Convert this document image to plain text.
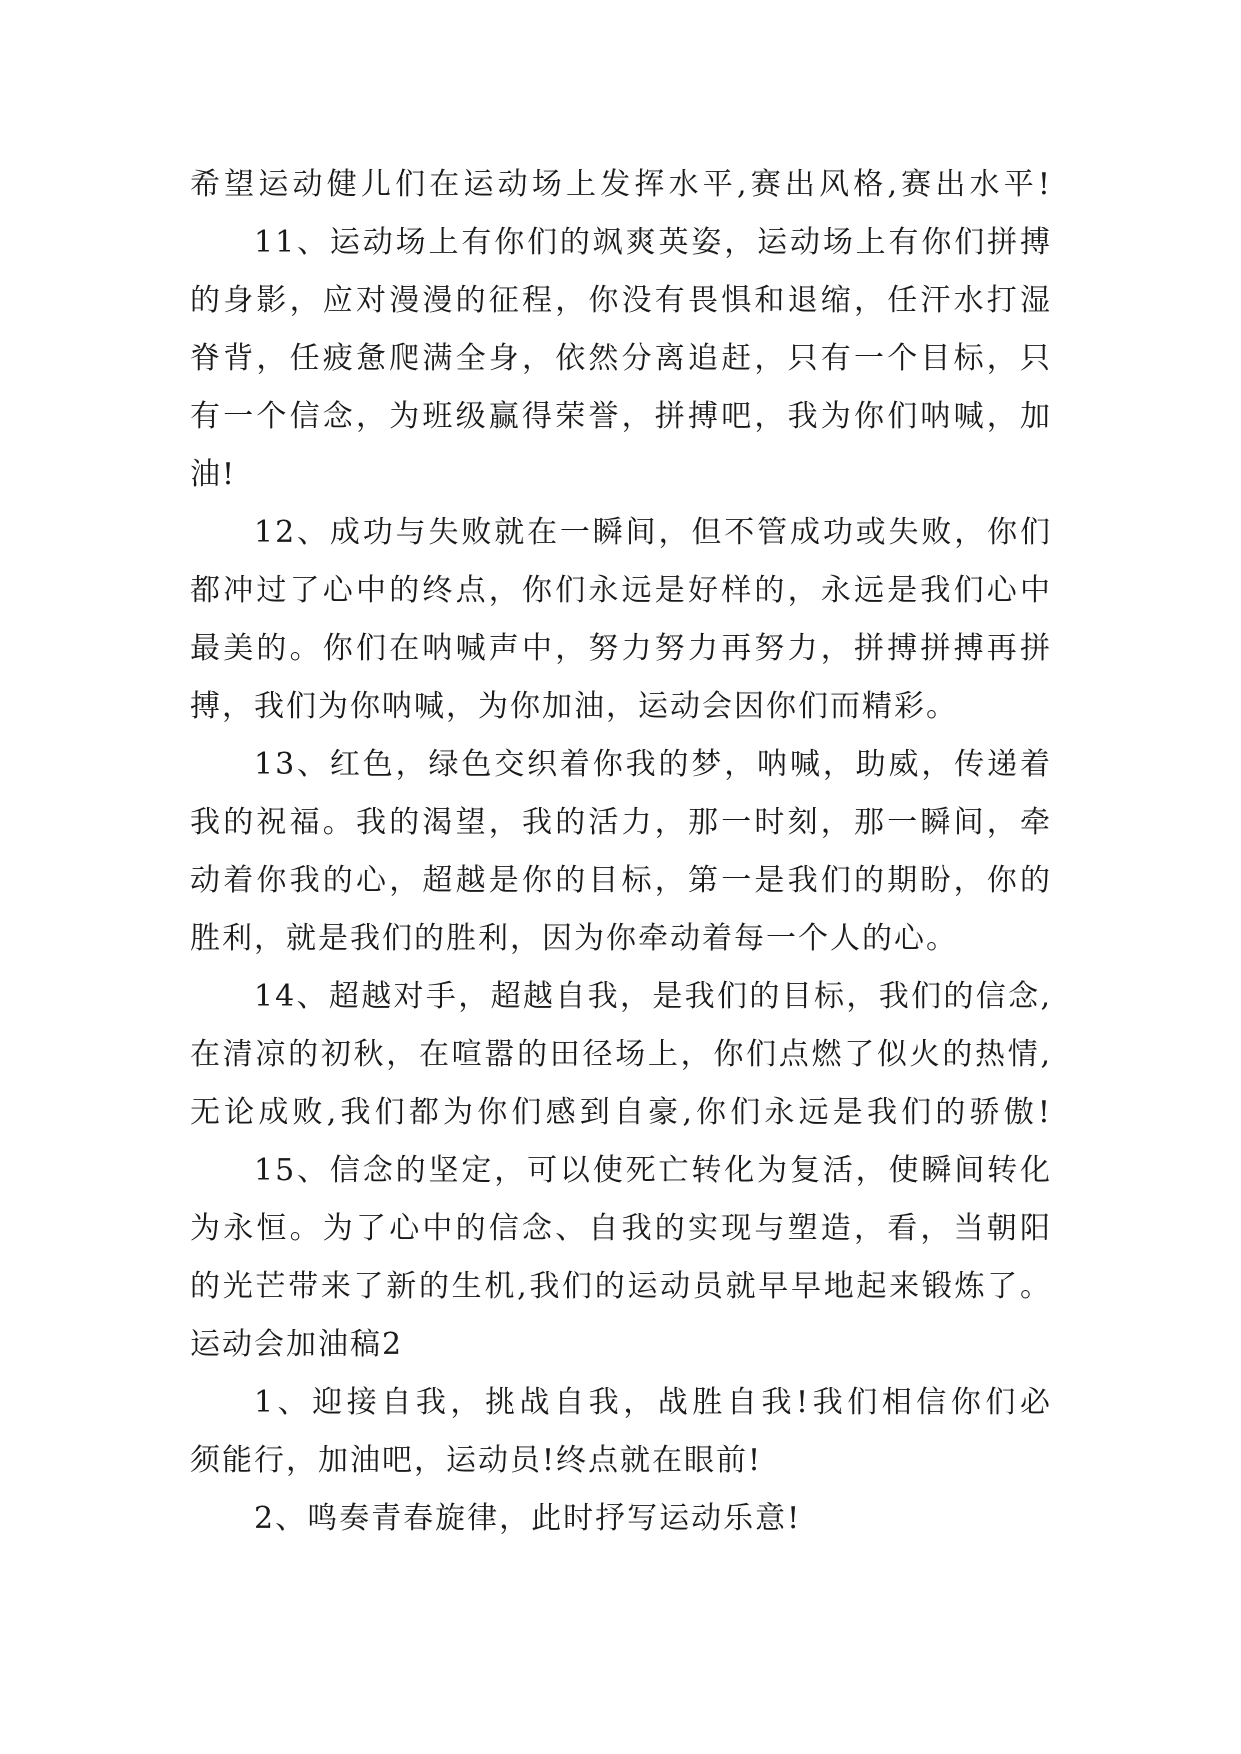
希望运动健儿们在运动场上发挥水平,赛出风格,赛出水平!
11、运动场上有你们的飒爽英姿，运动场上有你们拼搏
的身影，应对漫漫的征程，你没有畏惧和退缩，任汗水打湿
脊背，任疲惫爬满全身，依然分离追赶，只有一个目标，只
有一个信念，为班级赢得荣誉，拼搏吧，我为你们呐喊，加
油!
12、成功与失败就在一瞬间，但不管成功或失败，你们
都冲过了心中的终点，你们永远是好样的，永远是我们心中
最美的。你们在呐喊声中，努力努力再努力，拼搏拼搏再拼
搏，我们为你呐喊，为你加油，运动会因你们而精彩。
13、红色，绿色交织着你我的梦，呐喊，助威，传递着
我的祝福。我的渴望，我的活力，那一时刻，那一瞬间，牵
动着你我的心，超越是你的目标，第一是我们的期盼，你的
胜利，就是我们的胜利，因为你牵动着每一个人的心。
14、超越对手，超越自我，是我们的目标，我们的信念,
在清凉的初秋，在喧嚣的田径场上，你们点燃了似火的热情,
无论成败,我们都为你们感到自豪,你们永远是我们的骄傲!
15、信念的坚定，可以使死亡转化为复活，使瞬间转化
为永恒。为了心中的信念、自我的实现与塑造，看，当朝阳
的光芒带来了新的生机,我们的运动员就早早地起来锻炼了。
运动会加油稿2
1、迎接自我，挑战自我，战胜自我!我们相信你们必
须能行，加油吧，运动员!终点就在眼前!
2、鸣奏青春旋律，此时抒写运动乐意!
